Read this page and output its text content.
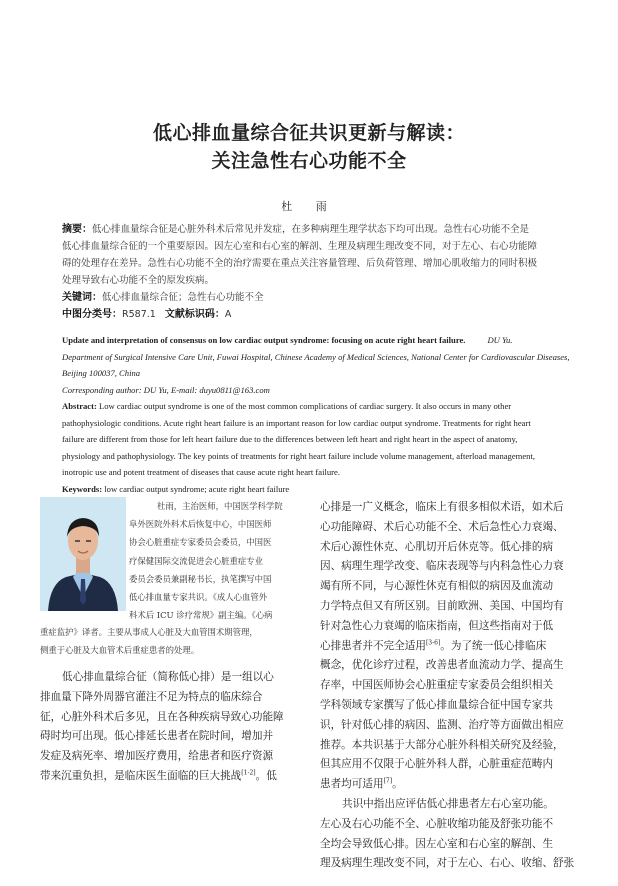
低心排血量综合征共识更新与解读：
关注急性右心功能不全
杜 雨
摘要：低心排血量综合征是心脏外科术后常见并发症，在多种病理生理学状态下均可出现。急性右心功能不全是
低心排血量综合征的一个重要原因。因左心室和右心室的解剖、生理及病理生理改变不同，对于左心、右心功能障
碍的处理存在差异。急性右心功能不全的治疗需要在重点关注容量管理、后负荷管理、增加心肌收缩力的同时积极
处理导致右心功能不全的原发疾病。
关键词：低心排血量综合征；急性右心功能不全
中图分类号：R587.1 文献标识码：A
Update and interpretation of consensus on low cardiac output syndrome: focusing on acute right heart failure.	DU Yu.
Department of Surgical Intensive Care Unit, Fuwai Hospital, Chinese Academy of Medical Sciences, National Center for Cardiovascular Diseases,
Beijing 100037, China
Corresponding author: DU Yu, E-mail: duyu0811@163.com
Abstract: Low cardiac output syndrome is one of the most common complications of cardiac surgery. It also occurs in many other
pathophysiologic conditions. Acute right heart failure is an important reason for low cardiac output syndrome. Treatments for right heart
failure are different from those for left heart failure due to the differences between left heart and right heart in the aspect of anatomy,
physiology and pathophysiology. The key points of treatments for right heart failure include volume management, afterload management,
inotropic use and potent treatment of diseases that cause acute right heart failure.
Keywords: low cardiac output syndrome; acute right heart failure
杜雨，主治医师，中国医学科学院
阜外医院外科术后恢复中心，中国医师
协会心脏重症专家委员会委员，中国医
疗保健国际交流促进会心脏重症专业
委员会委员兼副秘书长，执笔撰写中国
低心排血量专家共识。《成人心血管外
科术后 ICU 诊疗常规》副主编。《心病
重症监护》译者。主要从事成人心脏及大血管围术期管理，
侧重于心脏及大血管术后重症患者的处理。
低心排血量综合征（简称低心排）是一组以心
排血量下降外周器官灌注不足为特点的临床综合
征，心脏外科术后多见，且在各种疾病导致心功能障
碍时均可出现。低心排延长患者在院时间，增加并
发症及病死率、增加医疗费用，给患者和医疗资源
带来沉重负担，是临床医生面临的巨大挑战[1-2]。低
心排是一广义概念，临床上有很多相似术语，如术后
心功能障碍、术后心功能不全、术后急性心力衰竭、
术后心源性休克、心肌切开后休克等。低心排的病
因、病理生理学改变、临床表现等与内科急性心力衰
竭有所不同，与心源性休克有相似的病因及血流动
力学特点但又有所区别。目前欧洲、美国、中国均有
针对急性心力衰竭的临床指南，但这些指南对于低
心排患者并不完全适用[3-6]。为了统一低心排临床
概念，优化诊疗过程，改善患者血流动力学、提高生
存率，中国医师协会心脏重症专家委员会组织相关
学科领域专家撰写了低心排血量综合征中国专家共
识，针对低心排的病因、监测、治疗等方面做出相应
推荐。本共识基于大部分心脏外科相关研究及经验，
但其应用不仅限于心脏外科人群，心脏重症范畴内
患者均可适用[7]。
共识中指出应评估低心排患者左右心室功能。
左心及右心功能不全、心脏收缩功能及舒张功能不
全均会导致低心排。因左心室和右心室的解剖、生
理及病理生理改变不同，对于左心、右心、收缩、舒张
